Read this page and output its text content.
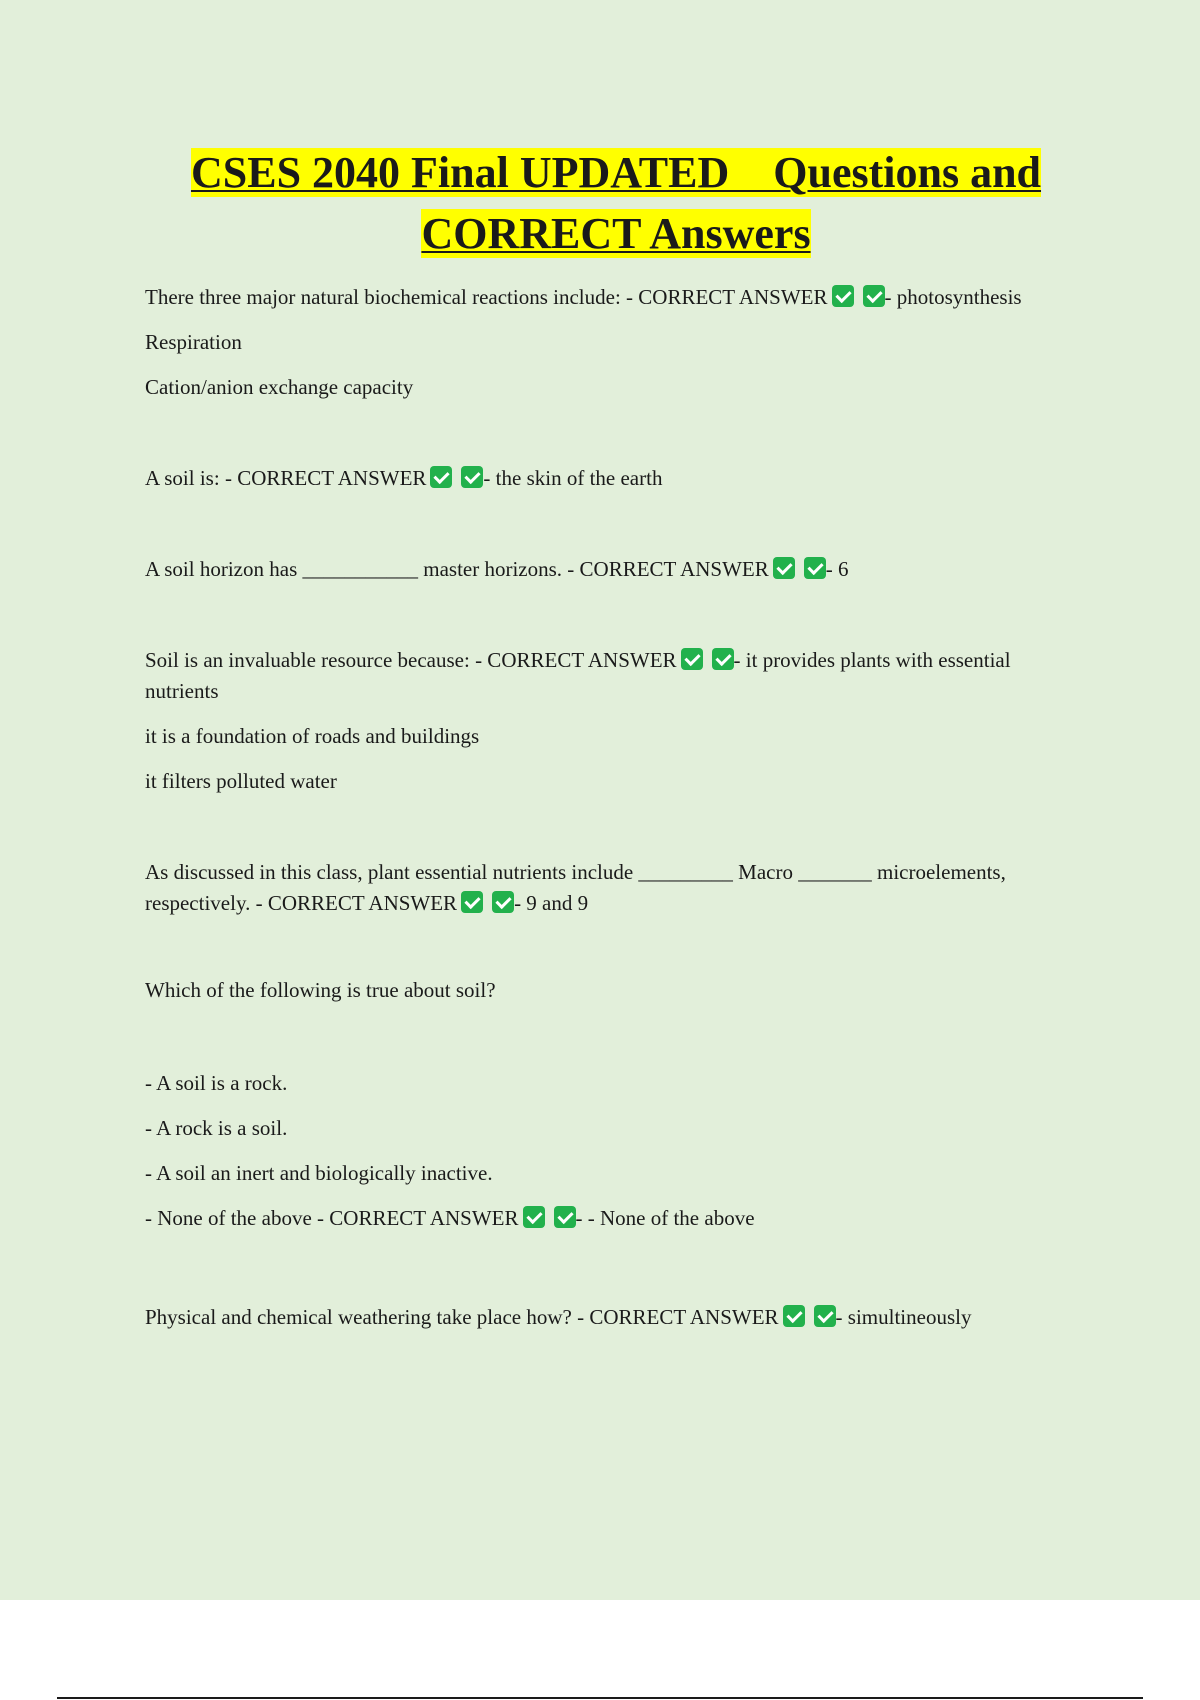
CSES 2040 Final UPDATED    Questions and
CORRECT Answers

There three major natural biochemical reactions include: - CORRECT ANSWER	- photosynthesis

Respiration

Cation/anion exchange capacity

A soil is: - CORRECT ANSWER	- the skin of the earth

A soil horizon has ___________ master horizons. - CORRECT ANSWER	- 6

Soil is an invaluable resource because: - CORRECT ANSWER	- it provides plants with essential nutrients

it is a foundation of roads and buildings

it filters polluted water

As discussed in this class, plant essential nutrients include _________ Macro _______ microelements, respectively. - CORRECT ANSWER	- 9 and 9

Which of the following is true about soil?

- A soil is a rock.

- A rock is a soil.

- A soil an inert and biologically inactive.

- None of the above - CORRECT ANSWER	- - None of the above

Physical and chemical weathering take place how? - CORRECT ANSWER	- simultineously
